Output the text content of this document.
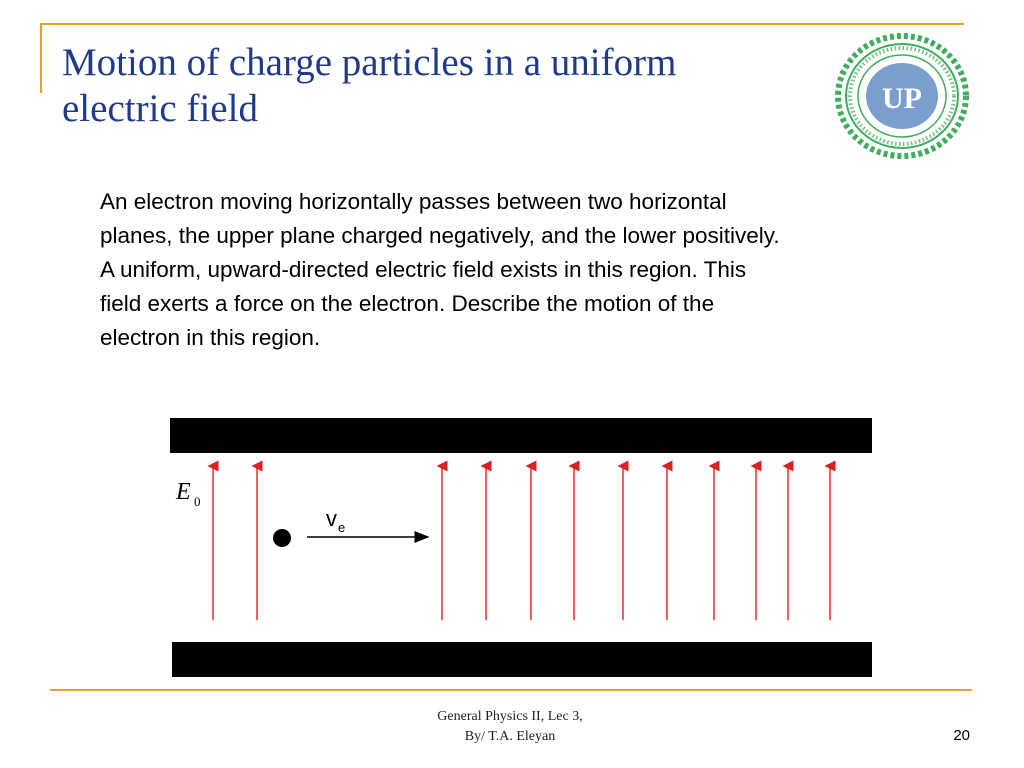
Motion of charge particles in a uniform
electric field	UP

An electron moving horizontally passes between two horizontal
planes, the upper plane charged negatively, and the lower positively.
A uniform, upward-directed electric field exists in this region. This
field exerts a force on the electron. Describe the motion of the
electron in this region.

E 0
v e
General Physics II, Lec 3,
By/ T.A. Eleyan	20
